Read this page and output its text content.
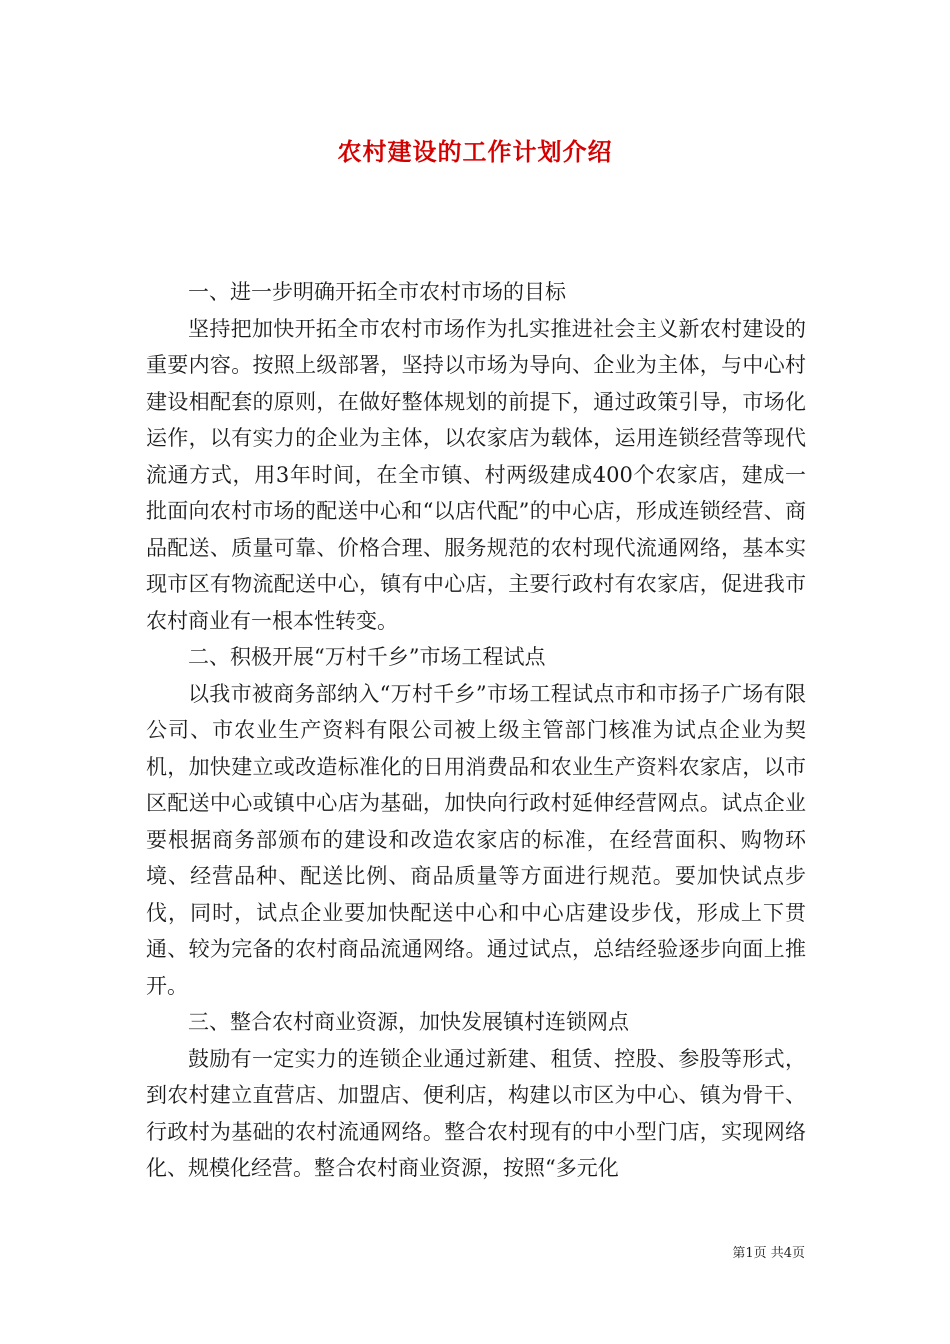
农村建设的工作计划介绍

一、进一步明确开拓全市农村市场的目标

坚持把加快开拓全市农村市场作为扎实推进社会主义新农村建设的重要内容。按照上级部署，坚持以市场为导向、企业为主体，与中心村建设相配套的原则，在做好整体规划的前提下，通过政策引导，市场化运作，以有实力的企业为主体，以农家店为载体，运用连锁经营等现代流通方式，用3年时间，在全市镇、村两级建成400个农家店，建成一批面向农村市场的配送中心和“以店代配”的中心店，形成连锁经营、商品配送、质量可靠、价格合理、服务规范的农村现代流通网络，基本实现市区有物流配送中心，镇有中心店，主要行政村有农家店，促进我市农村商业有一根本性转变。

二、积极开展“万村千乡”市场工程试点

以我市被商务部纳入“万村千乡”市场工程试点市和市扬子广场有限公司、市农业生产资料有限公司被上级主管部门核准为试点企业为契机，加快建立或改造标准化的日用消费品和农业生产资料农家店，以市区配送中心或镇中心店为基础，加快向行政村延伸经营网点。试点企业要根据商务部颁布的建设和改造农家店的标准，在经营面积、购物环境、经营品种、配送比例、商品质量等方面进行规范。要加快试点步伐，同时，试点企业要加快配送中心和中心店建设步伐，形成上下贯通、较为完备的农村商品流通网络。通过试点，总结经验逐步向面上推开。

三、整合农村商业资源，加快发展镇村连锁网点

鼓励有一定实力的连锁企业通过新建、租赁、控股、参股等形式，到农村建立直营店、加盟店、便利店，构建以市区为中心、镇为骨干、行政村为基础的农村流通网络。整合农村现有的中小型门店，实现网络化、规模化经营。整合农村商业资源，按照“多元化

第1页 共4页
